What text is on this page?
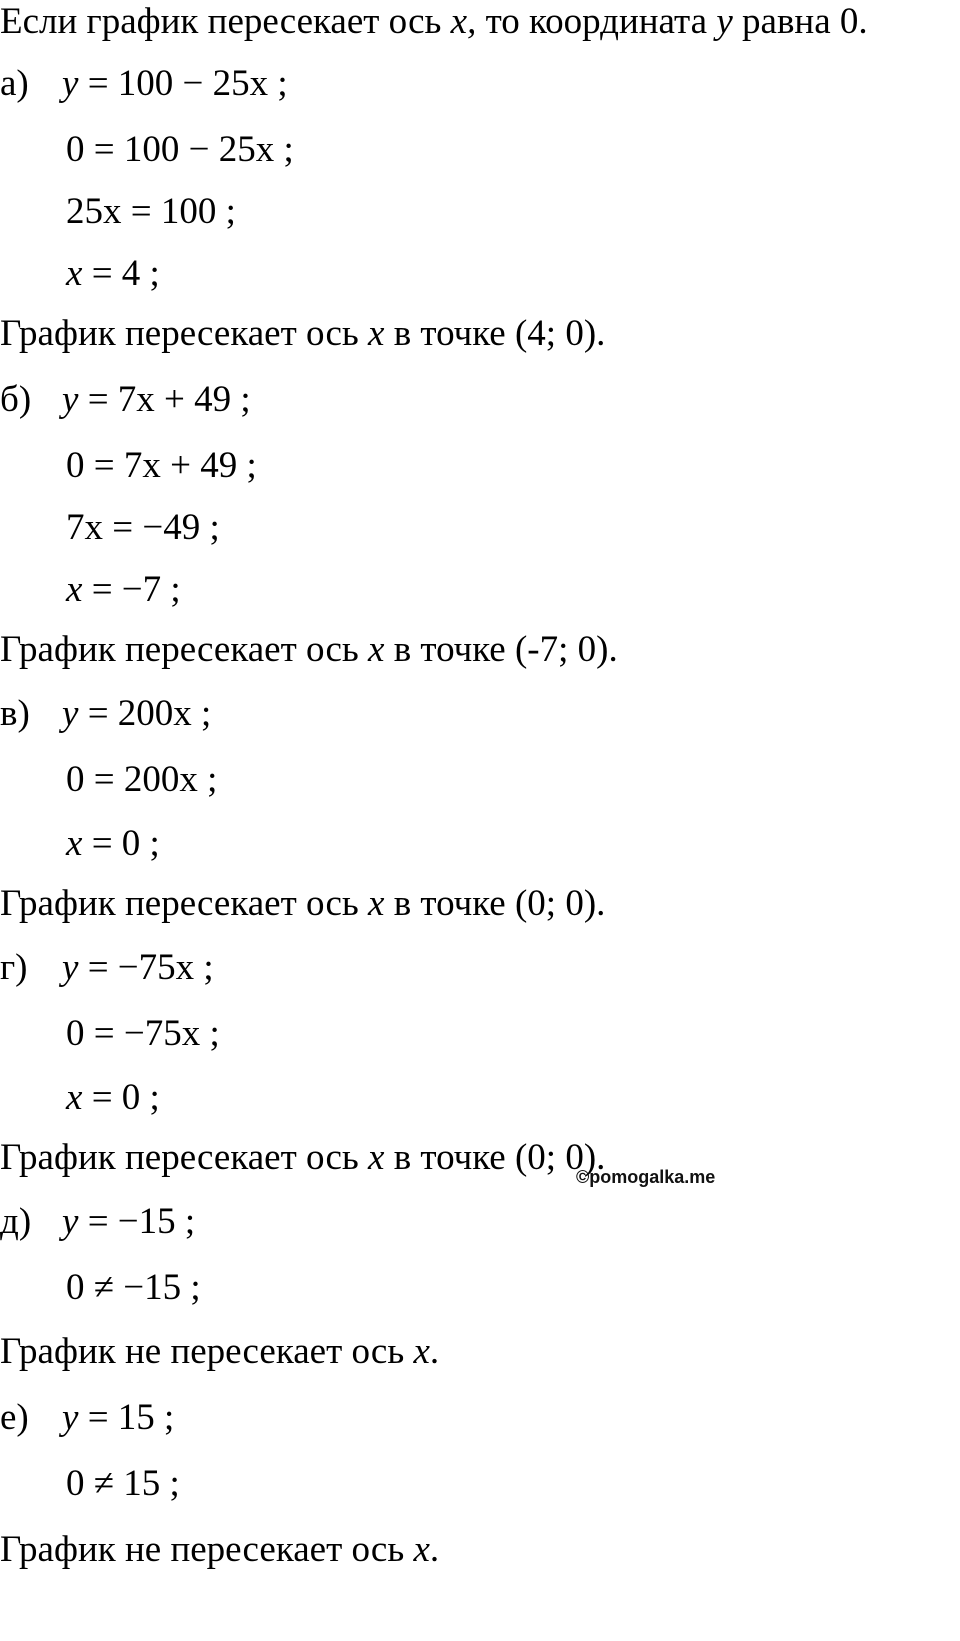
Если график пересекает ось x, то координата y равна 0.
а) y = 100 − 25x ;
0 = 100 − 25x ;
25x = 100 ;
x = 4 ;
График пересекает ось x в точке (4; 0).
б) y = 7x + 49 ;
0 = 7x + 49 ;
7x = −49 ;
x = −7 ;
График пересекает ось x в точке (-7; 0).
в) y = 200x ;
0 = 200x ;
x = 0 ;
График пересекает ось x в точке (0; 0).
г) y = −75x ;
0 = −75x ;
x = 0 ;
График пересекает ось x в точке (0; 0).
©pomogalka.me
д) y = −15 ;
0 ≠ −15 ;
График не пересекает ось x.
е) y = 15 ;
0 ≠ 15 ;
График не пересекает ось x.
